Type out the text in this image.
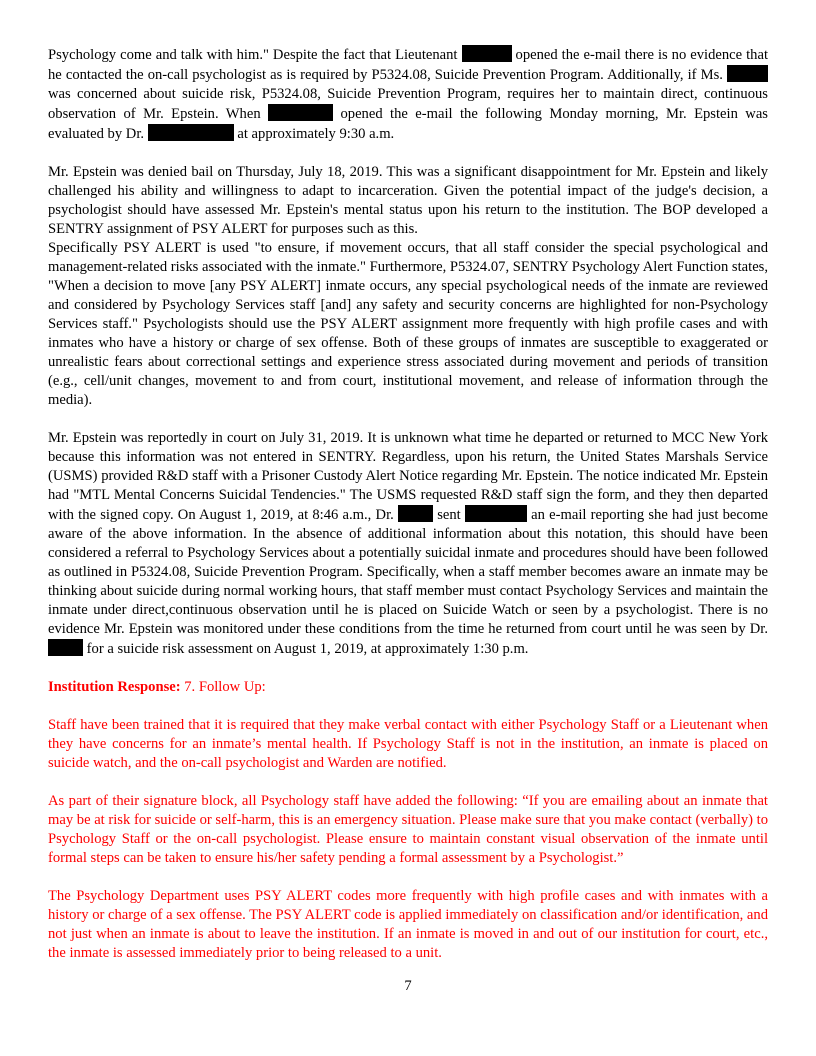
Psychology come and talk with him." Despite the fact that Lieutenant	opened the e-mail there is no evidence that he contacted the on-call psychologist as is required by P5324.08, Suicide Prevention Program. Additionally, if Ms.  was concerned about suicide risk, P5324.08, Suicide Prevention Program, requires her to maintain direct, continuous observation of Mr. Epstein. When	opened the e-mail the following Monday morning, Mr. Epstein was evaluated by Dr.	at approximately 9:30 a.m.

Mr. Epstein was denied bail on Thursday, July 18, 2019. This was a significant disappointment for Mr. Epstein and likely challenged his ability and willingness to adapt to incarceration. Given the potential impact of the judge's decision, a psychologist should have assessed Mr. Epstein's mental status upon his return to the institution. The BOP developed a SENTRY assignment of PSY ALERT for purposes such as this.

Specifically PSY ALERT is used "to ensure, if movement occurs, that all staff consider the special psychological and management-related risks associated with the inmate." Furthermore, P5324.07, SENTRY Psychology Alert Function states, "When a decision to move [any PSY ALERT] inmate occurs, any special psychological needs of the inmate are reviewed and considered by Psychology Services staff [and] any safety and security concerns are highlighted for non-Psychology Services staff." Psychologists should use the PSY ALERT assignment more frequently with high profile cases and with inmates who have a history or charge of sex offense. Both of these groups of inmates are susceptible to exaggerated or unrealistic fears about correctional settings and experience stress associated during movement and periods of transition (e.g., cell/unit changes, movement to and from court, institutional movement, and release of information through the media).

Mr. Epstein was reportedly in court on July 31, 2019. It is unknown what time he departed or returned to MCC New York because this information was not entered in SENTRY. Regardless, upon his return, the United States Marshals Service (USMS) provided R&D staff with a Prisoner Custody Alert Notice regarding Mr. Epstein. The notice indicated Mr. Epstein had "MTL Mental Concerns Suicidal Tendencies." The USMS requested R&D staff sign the form, and they then departed with the signed copy. On August 1, 2019, at 8:46 a.m., Dr.	sent	an e-mail reporting she had just become aware of the above information. In the absence of additional information about this notation, this should have been considered a referral to Psychology Services about a potentially suicidal inmate and procedures should have been followed as outlined in P5324.08, Suicide Prevention Program. Specifically, when a staff member becomes aware an inmate may be thinking about suicide during normal working hours, that staff member must contact Psychology Services and maintain the inmate under direct,continuous observation until he is placed on Suicide Watch or seen by a psychologist. There is no evidence Mr. Epstein was monitored under these conditions from the time he returned from court until he was seen by Dr.  for a suicide risk assessment on August 1, 2019, at approximately 1:30 p.m.

Institution Response: 7. Follow Up:

Staff have been trained that it is required that they make verbal contact with either Psychology Staff or a Lieutenant when they have concerns for an inmate’s mental health. If Psychology Staff is not in the institution, an inmate is placed on suicide watch, and the on-call psychologist and Warden are notified.

As part of their signature block, all Psychology staff have added the following: “If you are emailing about an inmate that may be at risk for suicide or self-harm, this is an emergency situation. Please make sure that you make contact (verbally) to Psychology Staff or the on-call psychologist. Please ensure to maintain constant visual observation of the inmate until formal steps can be taken to ensure his/her safety pending a formal assessment by a Psychologist.”

The Psychology Department uses PSY ALERT codes more frequently with high profile cases and with inmates with a history or charge of a sex offense. The PSY ALERT code is applied immediately on classification and/or identification, and not just when an inmate is about to leave the institution. If an inmate is moved in and out of our institution for court, etc., the inmate is assessed immediately prior to being released to a unit.

7
